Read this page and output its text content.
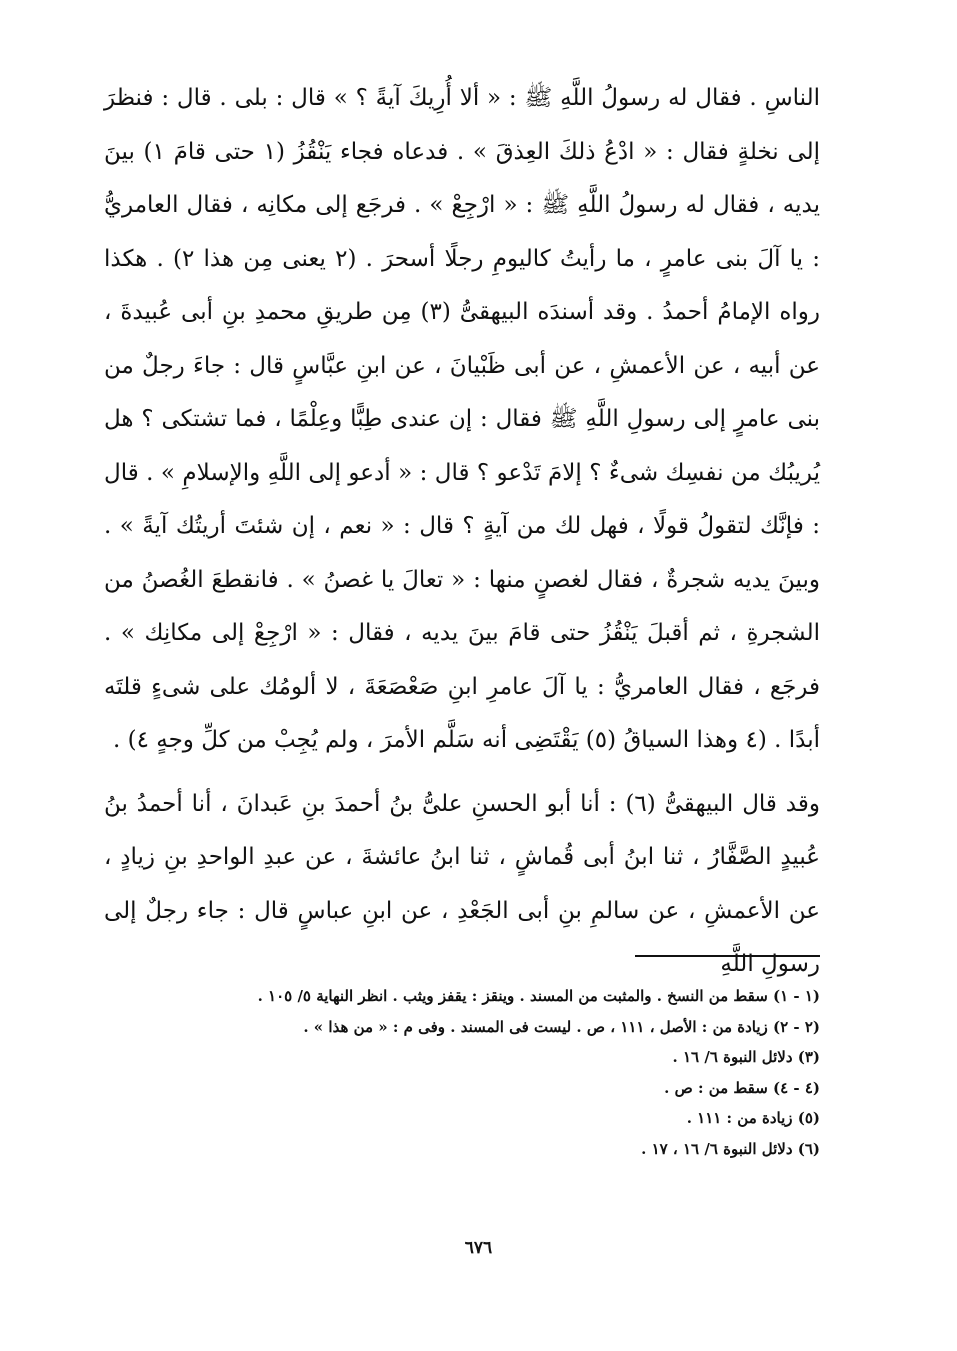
الناسِ . فقال له رسولُ اللَّهِ ﷺ : « ألا أُرِيكَ آيةً ؟ » قال : بلى . قال : فنظرَ إلى نخلةٍ فقال : « ادْعُ ذلكَ العِذقَ » . فدعاه فجاء يَنْقُزُ (١ حتى قامَ ١) بينَ يديه ، فقال له رسولُ اللَّهِ ﷺ : « ارْجِعْ » . فرجَع إلى مكانِه ، فقال العامريُّ : يا آلَ بنى عامرٍ ، ما رأيتُ كاليومِ رجلًا أسحرَ . (٢ يعنى مِن هذا ٢) . هكذا رواه الإمامُ أحمدُ . وقد أسندَه البيهقىُّ (٣) مِن طريقِ محمدِ بنِ أبى عُبيدةَ ، عن أبيه ، عن الأعمشِ ، عن أبى ظَبْيانَ ، عن ابنِ عبَّاسٍ قال : جاءَ رجلٌ من بنى عامرٍ إلى رسولِ اللَّهِ ﷺ فقال : إن عندى طِبًّا وعِلْمًا ، فما تشتكى ؟ هل يُريبُك من نفسِك شىءٌ ؟ إلامَ تَدْعو ؟ قال : « أدعو إلى اللَّهِ والإسلامِ » . قال : فإنَّك لتقولُ قولًا ، فهل لك من آيةٍ ؟ قال : « نعم ، إن شئتَ أريتُك آيةً » . وبينَ يديه شجرةٌ ، فقال لغصنٍ منها : « تعالَ يا غصنُ » . فانقطعَ الغُصنُ من الشجرةِ ، ثم أقبلَ يَنْقُزُ حتى قامَ بينَ يديه ، فقال : « ارْجِعْ إلى مكانِك » . فرجَع ، فقال العامريُّ : يا آلَ عامرِ ابنِ صَعْصَعَةَ ، لا ألومُك على شىءٍ قلتَه أبدًا . (٤ وهذا السياقُ (٥) يَقْتَضِى أنه سَلَّم الأمرَ ، ولم يُجِبْ من كلِّ وجهٍ ٤) .

وقد قال البيهقىُّ (٦) : أنا أبو الحسنِ علىُّ بنُ أحمدَ بنِ عَبدانَ ، أنا أحمدُ بنُ عُبيدٍ الصَّفَّارُ ، ثنا ابنُ أبى قُماشٍ ، ثنا ابنُ عائشةَ ، عن عبدِ الواحدِ بنِ زيادٍ ، عن الأعمشِ ، عن سالمِ بنِ أبى الجَعْدِ ، عن ابنِ عباسٍ قال : جاء رجلٌ إلى رسولِ اللَّهِ

(١ - ١) سقط من النسخ . والمثبت من المسند . وينقز : يقفز ويثب . انظر النهاية ٥/ ١٠٥ .
(٢ - ٢) زيادة من : الأصل ، ١١١ ، ص . ليست فى المسند . وفى م : « من هذا » .
(٣) دلائل النبوة ٦/ ١٦ .
(٤ - ٤) سقط من : ص .
(٥) زيادة من : ١١١ .
(٦) دلائل النبوة ٦/ ١٦ ، ١٧ .
٦٧٦
